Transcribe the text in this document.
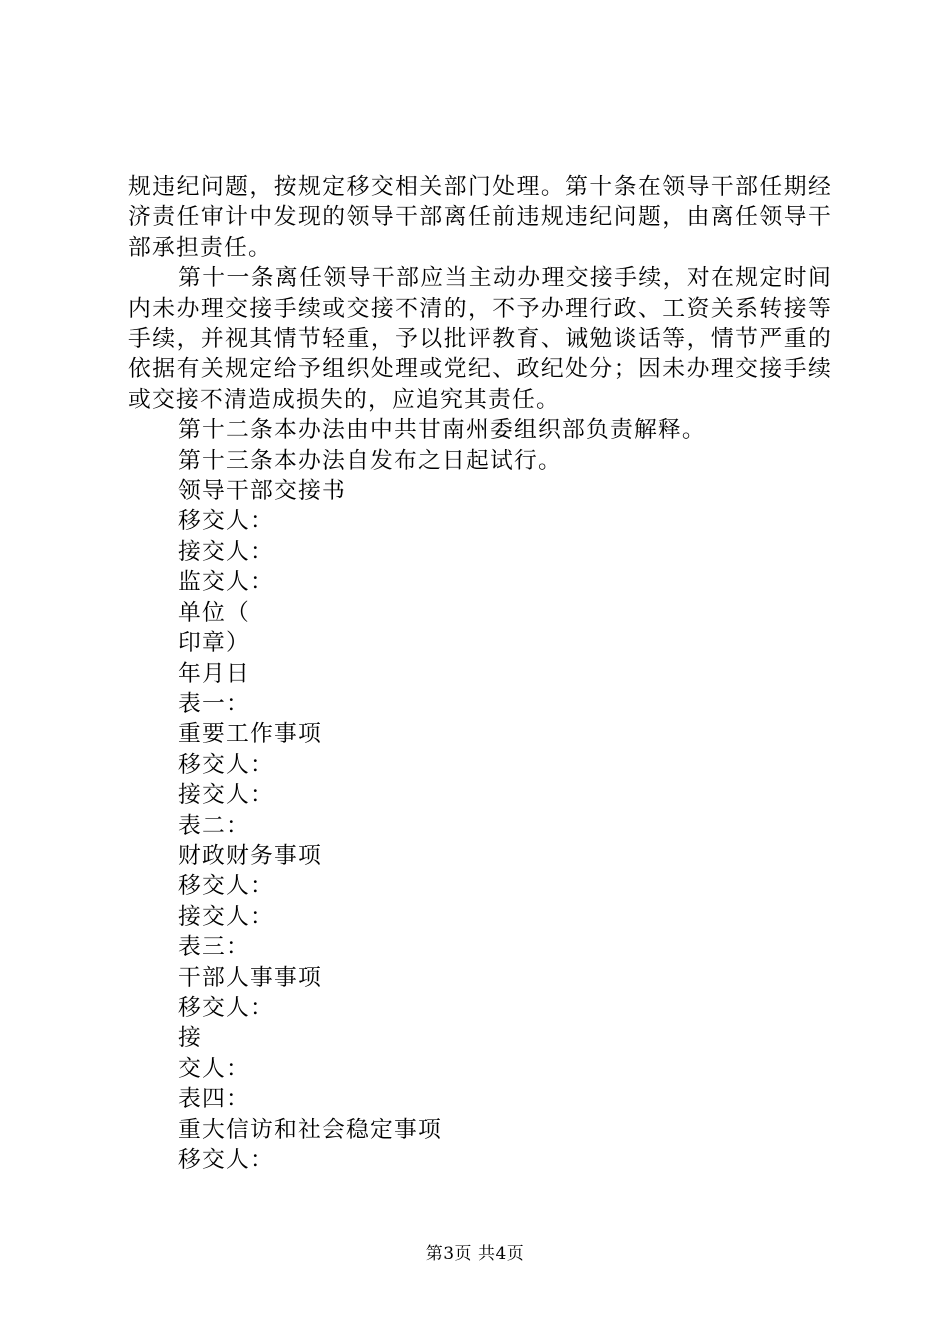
规违纪问题，按规定移交相关部门处理。第十条在领导干部任期经济责任审计中发现的领导干部离任前违规违纪问题，由离任领导干部承担责任。

第十一条离任领导干部应当主动办理交接手续，对在规定时间内未办理交接手续或交接不清的，不予办理行政、工资关系转接等手续，并视其情节轻重，予以批评教育、诫勉谈话等，情节严重的依据有关规定给予组织处理或党纪、政纪处分；因未办理交接手续或交接不清造成损失的，应追究其责任。

第十二条本办法由中共甘南州委组织部负责解释。

第十三条本办法自发布之日起试行。

领导干部交接书

移交人：

接交人：

监交人：

单位（

印章）

年月日

表一：

重要工作事项

移交人：

接交人：

表二：

财政财务事项

移交人：

接交人：

表三：

干部人事事项

移交人：

接

交人：

表四：

重大信访和社会稳定事项

移交人：

第3页 共4页
